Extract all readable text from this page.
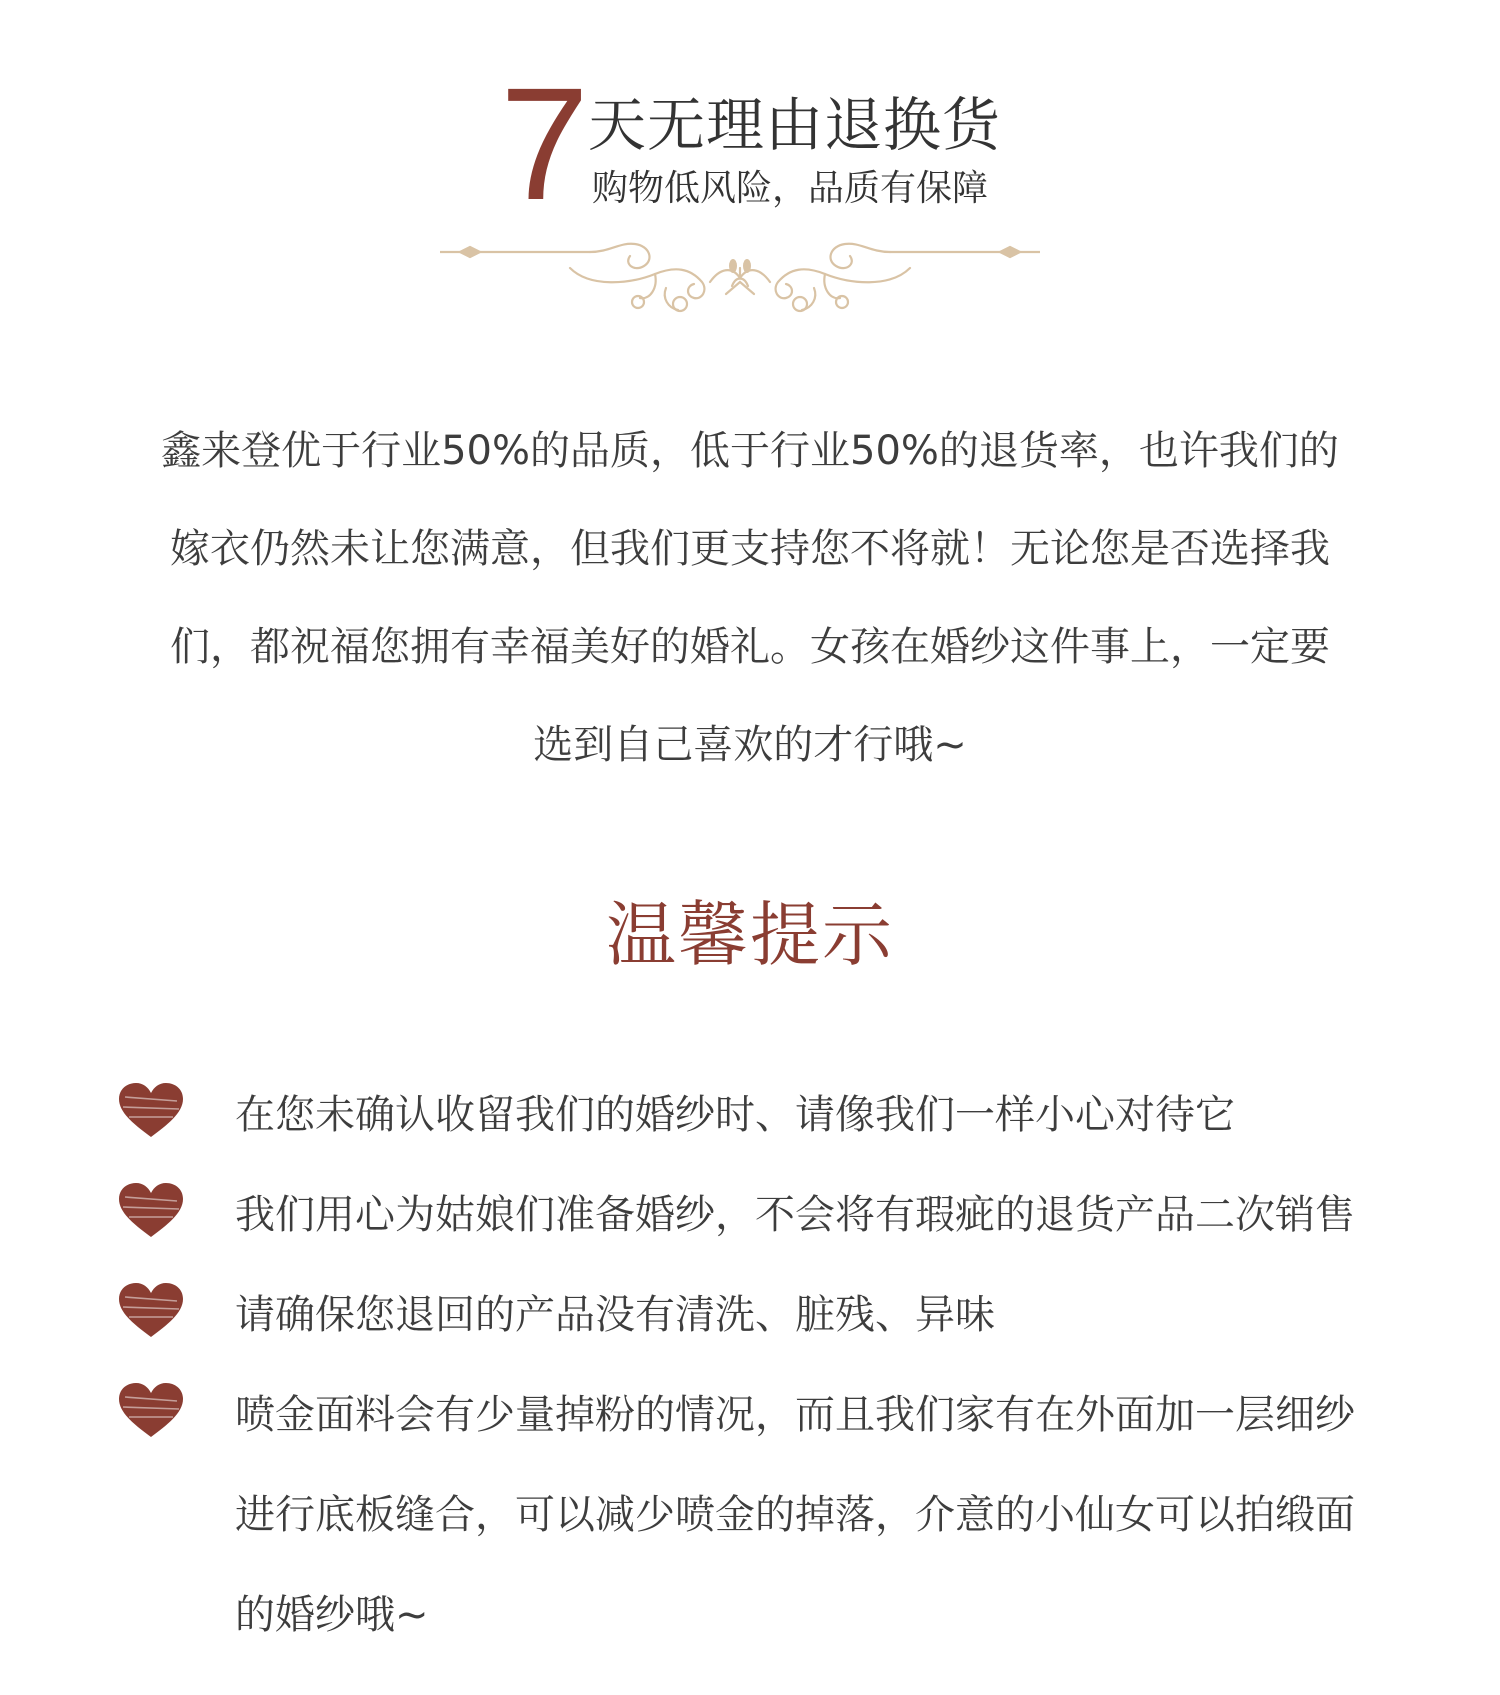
7 天无理由退换货
购物低风险，品质有保障

鑫来登优于行业50%的品质，低于行业50%的退货率，也许我们的

嫁衣仍然未让您满意，但我们更支持您不将就！无论您是否选择我

们，都祝福您拥有幸福美好的婚礼。女孩在婚纱这件事上，一定要

选到自己喜欢的才行哦~

温馨提示
在您未确认收留我们的婚纱时、请像我们一样小心对待它
我们用心为姑娘们准备婚纱，不会将有瑕疵的退货产品二次销售
请确保您退回的产品没有清洗、脏残、异味
喷金面料会有少量掉粉的情况，而且我们家有在外面加一层细纱
进行底板缝合，可以减少喷金的掉落，介意的小仙女可以拍缎面
的婚纱哦~
